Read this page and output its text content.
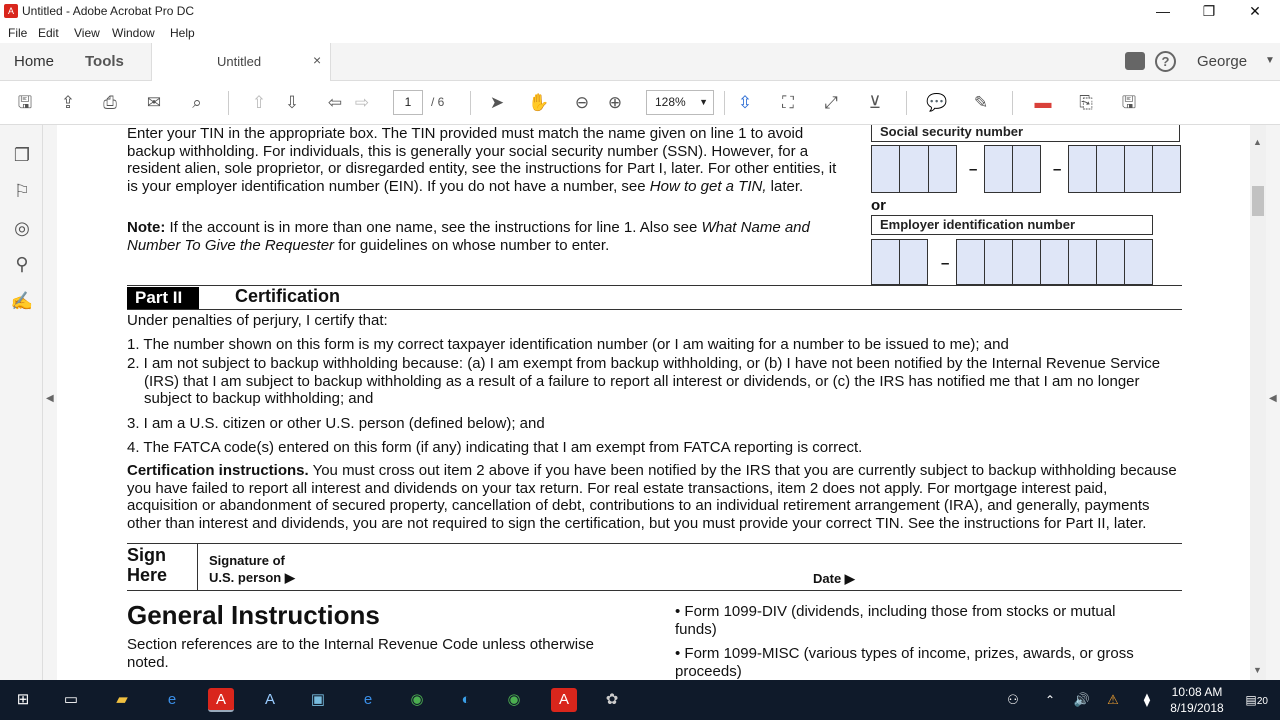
A Untitled - Adobe Acrobat Pro DC	—	❐	✕
File Edit View Window Help
Home Tools	Untitled	×	?	George ▼
🖫 ⇪ ⎙ ✉	⌕	⇧ ⇩ ⇦ ⇨	1	/ 6	➤ ✋ ⊖ ⊕	128% ▼ ⇳ ⛶ ⤢ ⊻	💬 ✎	▬ ⎘ 🖫
❐
⚐
◎
⚲
✍
◀
Enter your TIN in the appropriate box. The TIN provided must match the name given on line 1 to avoid backup withholding. For individuals, this is generally your social security number (SSN). However, for a resident alien, sole proprietor, or disregarded entity, see the instructions for Part I, later. For other entities, it is your employer identification number (EIN). If you do not have a number, see How to get a TIN, later.
Note: If the account is in more than one name, see the instructions for line 1. Also see What Name and Number To Give the Requester for guidelines on whose number to enter.
Social security number
–	–
or
Employer identification number
–
Part II	Certification
Under penalties of perjury, I certify that:
1. The number shown on this form is my correct taxpayer identification number (or I am waiting for a number to be issued to me); and
2. I am not subject to backup withholding because: (a) I am exempt from backup withholding, or (b) I have not been notified by the Internal Revenue Service (IRS) that I am subject to backup withholding as a result of a failure to report all interest or dividends, or (c) the IRS has notified me that I am no longer subject to backup withholding; and
3. I am a U.S. citizen or other U.S. person (defined below); and
4. The FATCA code(s) entered on this form (if any) indicating that I am exempt from FATCA reporting is correct.
Certification instructions. You must cross out item 2 above if you have been notified by the IRS that you are currently subject to backup withholding because you have failed to report all interest and dividends on your tax return. For real estate transactions, item 2 does not apply. For mortgage interest paid, acquisition or abandonment of secured property, cancellation of debt, contributions to an individual retirement arrangement (IRA), and generally, payments other than interest and dividends, you are not required to sign the certification, but you must provide your correct TIN. See the instructions for Part II, later.
Sign Here
Signature of U.S. person ▶	Date ▶
General Instructions
Section references are to the Internal Revenue Code unless otherwise noted.
• Form 1099-DIV (dividends, including those from stocks or mutual funds)
• Form 1099-MISC (various types of income, prizes, awards, or gross proceeds)
▲
▼
◀
⊞	▭	▰	e	A	A	▣	e	◉	◐	◉	A	✿	⚇	⌃	🔊	⚠	⧫	10:08 AM
8/19/2018
▤ 20
